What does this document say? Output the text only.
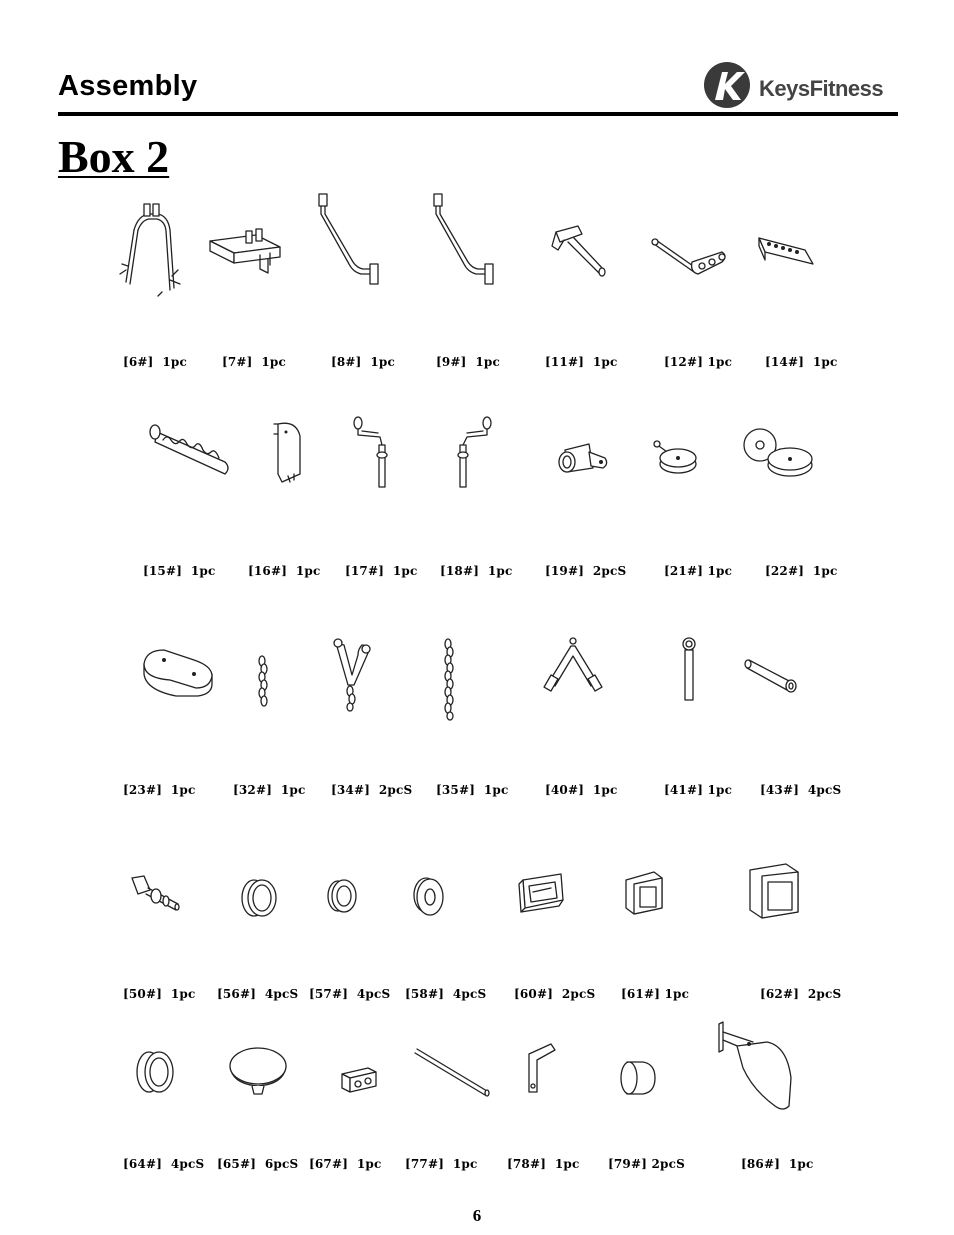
Assembly	KeysFitness
Box 2
[6#]  1pc	[7#]  1pc	[8#]  1pc	[9#]  1pc	[11#]  1pc	[12#] 1pc	[14#]  1pc
[15#]  1pc	[16#]  1pc [17#]  1pc [18#]  1pc	[19#]  2pcS	[21#] 1pc	[22#]  1pc
[23#]  1pc	[32#]  1pc [34#]  2pcS [35#]  1pc	[40#]  1pc	[41#] 1pc [43#]  4pcS
[50#]  1pc [56#]  4pcS [57#]  4pcS [58#]  4pcS [60#]  2pcS [61#] 1pc	[62#]  2pcS
[64#]  4pcS [65#]  6pcS [67#]  1pc [77#]  1pc [78#]  1pc [79#] 2pcS	[86#]  1pc
6
